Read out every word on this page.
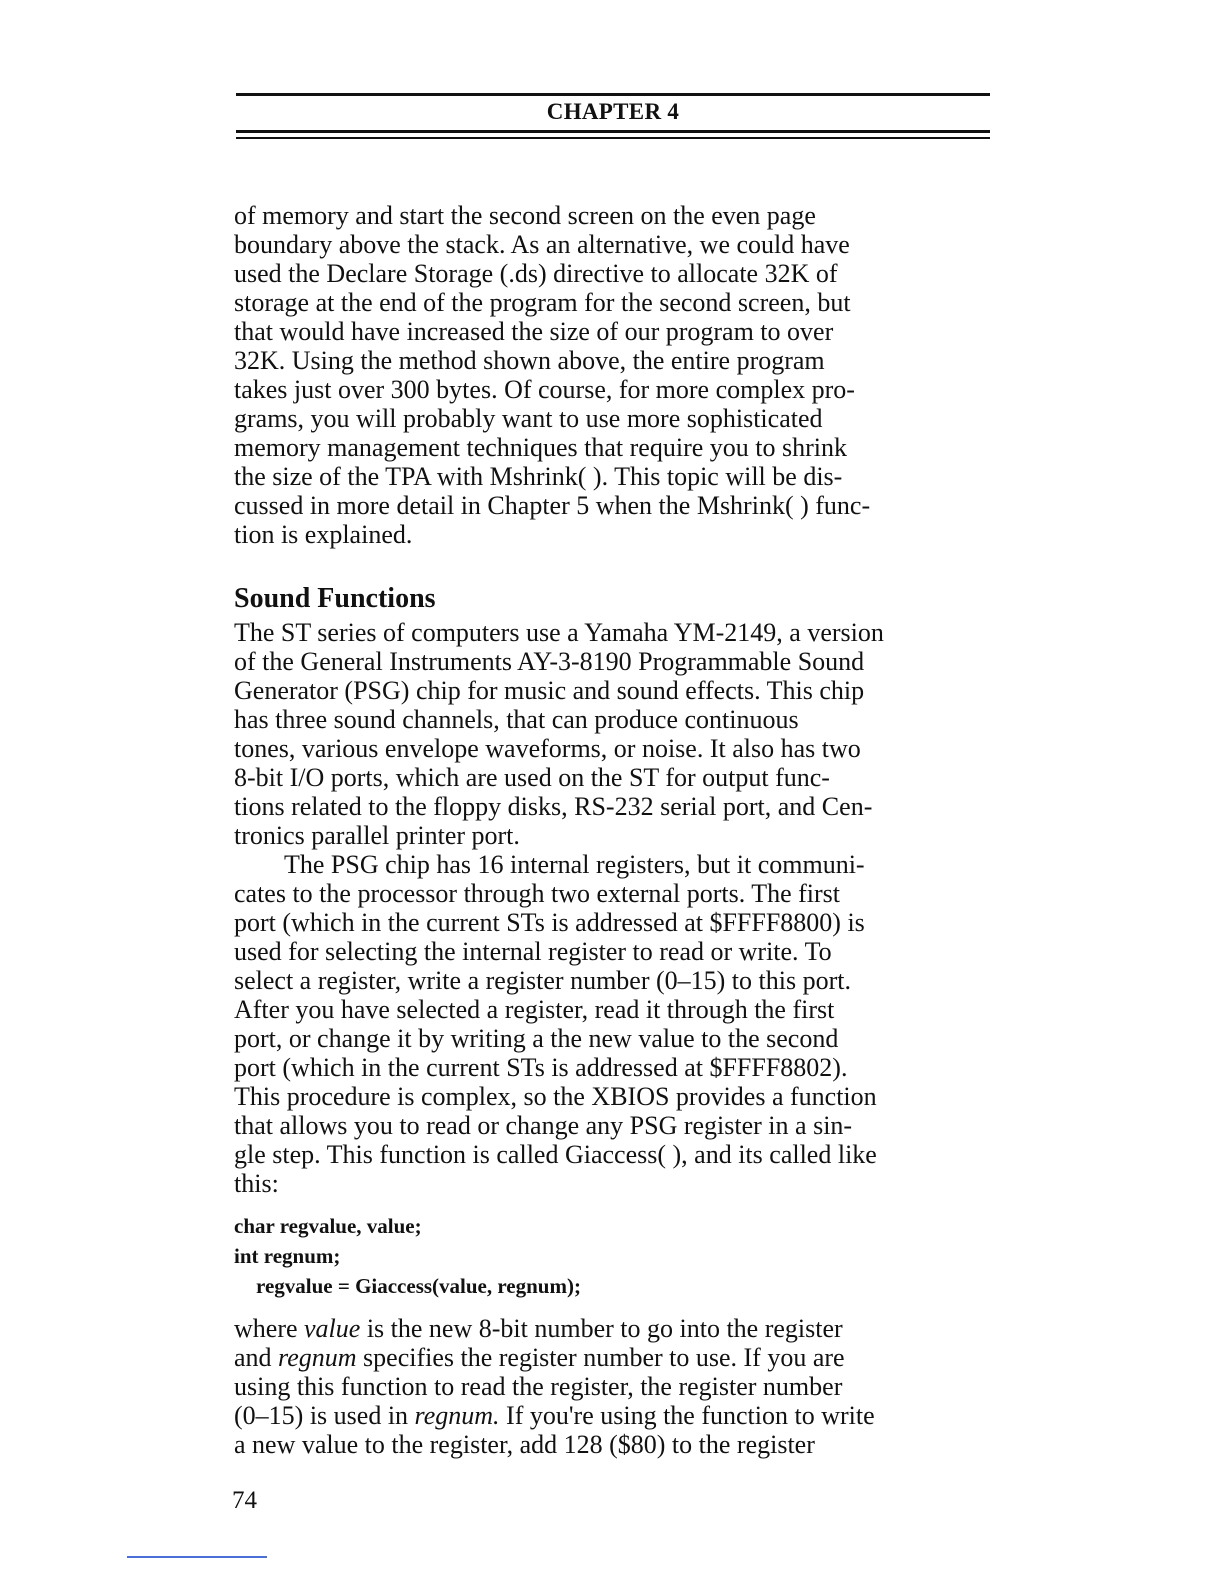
CHAPTER 4
of memory and start the second screen on the even page
boundary above the stack. As an alternative, we could have
used the Declare Storage (.ds) directive to allocate 32K of
storage at the end of the program for the second screen, but
that would have increased the size of our program to over
32K. Using the method shown above, the entire program
takes just over 300 bytes. Of course, for more complex pro-
grams, you will probably want to use more sophisticated
memory management techniques that require you to shrink
the size of the TPA with Mshrink( ). This topic will be dis-
cussed in more detail in Chapter 5 when the Mshrink( ) func-
tion is explained.
Sound Functions
The ST series of computers use a Yamaha YM-2149, a version
of the General Instruments AY-3-8190 Programmable Sound
Generator (PSG) chip for music and sound effects. This chip
has three sound channels, that can produce continuous
tones, various envelope waveforms, or noise. It also has two
8-bit I/O ports, which are used on the ST for output func-
tions related to the floppy disks, RS-232 serial port, and Cen-
tronics parallel printer port.
The PSG chip has 16 internal registers, but it communi-
cates to the processor through two external ports. The first
port (which in the current STs is addressed at $FFFF8800) is
used for selecting the internal register to read or write. To
select a register, write a register number (0–15) to this port.
After you have selected a register, read it through the first
port, or change it by writing a the new value to the second
port (which in the current STs is addressed at $FFFF8802).
This procedure is complex, so the XBIOS provides a function
that allows you to read or change any PSG register in a sin-
gle step. This function is called Giaccess( ), and its called like
this:
char regvalue, value;
int regnum;
regvalue = Giaccess(value, regnum);
where value is the new 8-bit number to go into the register
and regnum specifies the register number to use. If you are
using this function to read the register, the register number
(0–15) is used in regnum. If you're using the function to write
a new value to the register, add 128 ($80) to the register
74
